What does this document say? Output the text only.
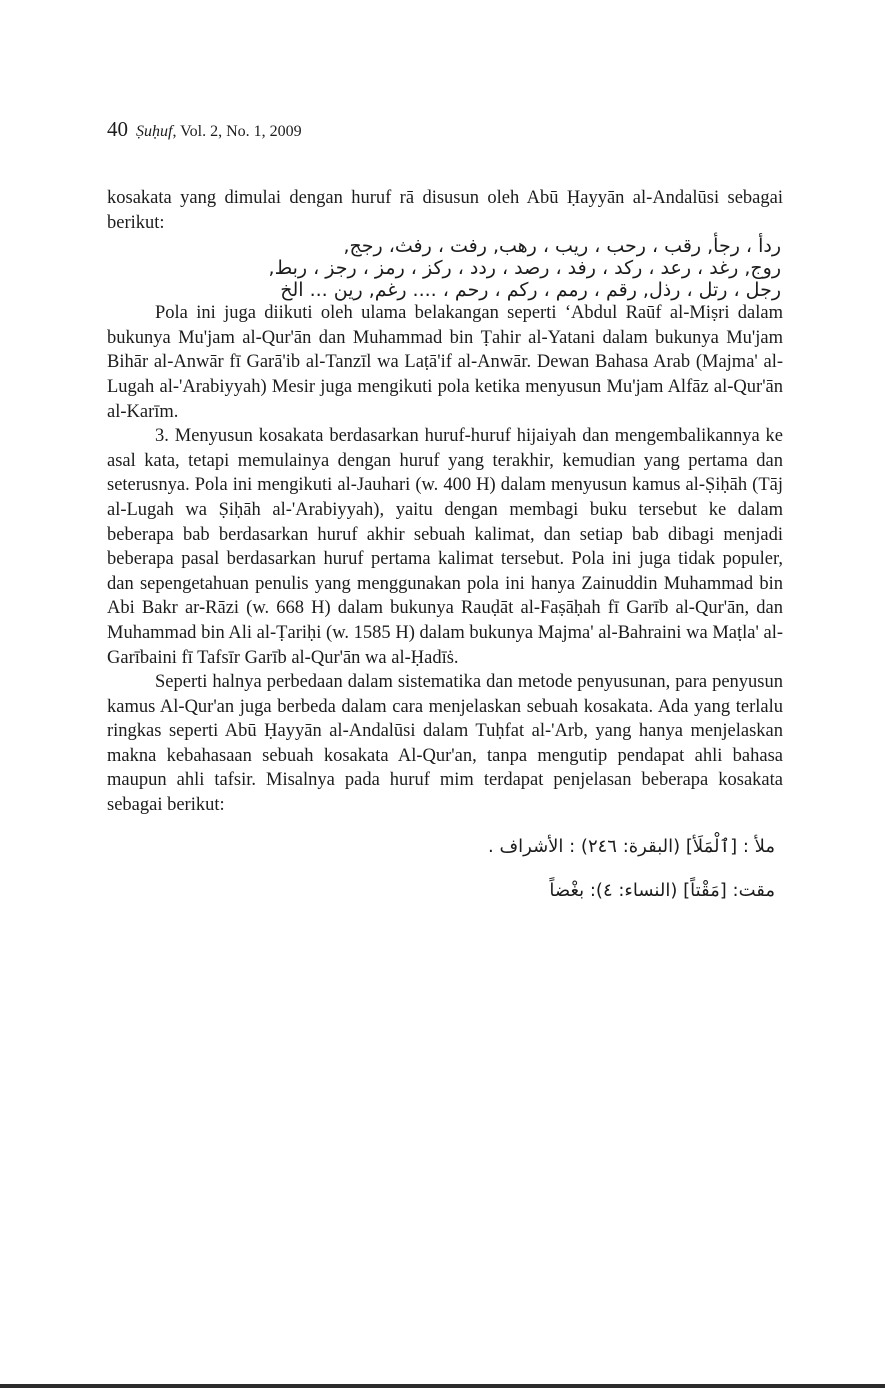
40 Ṣuḥuf, Vol. 2, No. 1, 2009

kosakata yang dimulai dengan huruf rā disusun oleh Abū Ḥayyān al-Andalūsi sebagai berikut:

ردأ ، رجأ, رقب ، رحب ، ريب ، رهب, رفت ، رفث، رجج,

روج, رغد ، رعد ، ركد ، رفد ، رصد ، ردد ، ركز ، رمز ، رجز ، ربط,

رجل ، رتل ، رذل, رقم ، رمم ، ركم ، رحم ، .... رغم, رين ... الخ

Pola ini juga diikuti oleh ulama belakangan seperti ‘Abdul Raūf al-Miṣri dalam bukunya Mu'jam al-Qur'ān dan Muhammad bin Ṭahir al-Yatani dalam bukunya Mu'jam Bihār al-Anwār fī Garā'ib al-Tanzīl wa Laṭā'if al-Anwār. Dewan Bahasa Arab (Majma' al-Lugah al-'Arabiyyah) Mesir juga mengikuti pola ketika menyusun Mu'jam Alfāz al-Qur'ān al-Karīm.

3. Menyusun kosakata berdasarkan huruf-huruf hijaiyah dan mengembalikannya ke asal kata, tetapi memulainya dengan huruf yang terakhir, kemudian yang pertama dan seterusnya. Pola ini mengikuti al-Jauhari (w. 400 H) dalam menyusun kamus al-Ṣiḥāh (Tāj al-Lugah wa Ṣiḥāh al-'Arabiyyah), yaitu dengan membagi buku tersebut ke dalam beberapa bab berdasarkan huruf akhir sebuah kalimat, dan setiap bab dibagi menjadi beberapa pasal berdasarkan huruf pertama kalimat tersebut. Pola ini juga tidak populer, dan sepengetahuan penulis yang menggunakan pola ini hanya Zainuddin Muhammad bin Abi Bakr ar-Rāzi (w. 668 H) dalam bukunya Rauḍāt al-Faṣāḥah fī Garīb al-Qur'ān, dan Muhammad bin Ali al-Ṭariḥi (w. 1585 H) dalam bukunya Majma' al-Bahraini wa Maṭla' al-Garībaini fī Tafsīr Garīb al-Qur'ān wa al-Ḥadīṡ.

Seperti halnya perbedaan dalam sistematika dan metode penyusunan, para penyusun kamus Al-Qur'an juga berbeda dalam cara menjelaskan sebuah kosakata. Ada yang terlalu ringkas seperti Abū Ḥayyān al-Andalūsi dalam Tuḥfat al-'Arb, yang hanya menjelaskan makna kebahasaan sebuah kosakata Al-Qur'an, tanpa mengutip pendapat ahli bahasa maupun ahli tafsir. Misalnya pada huruf mim terdapat penjelasan beberapa kosakata sebagai berikut:

ملأ : [ٱلْمَلَأ] (البقرة: ٢٤٦) : الأشراف .

مقت: [مَقْتاً] (النساء: ٤): بغْضاً
